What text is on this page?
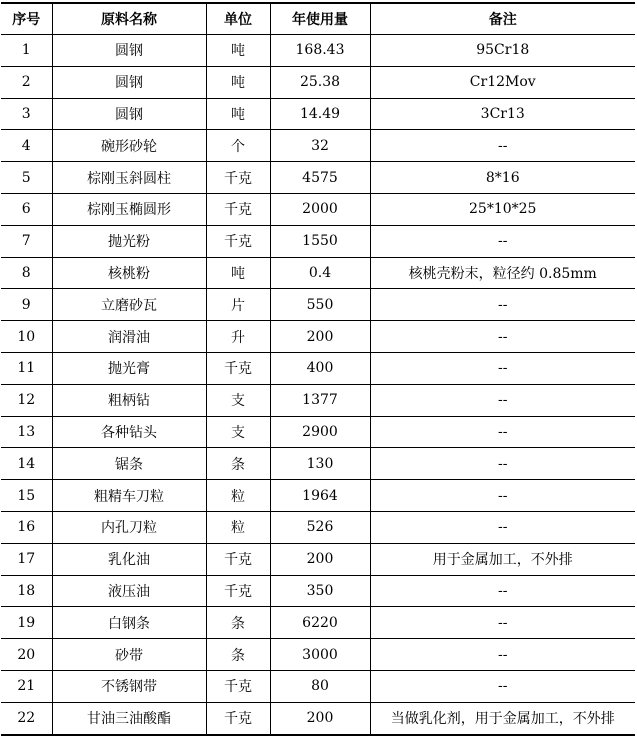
序号	原料名称	单位	年使用量	备注
1	圆钢	吨	168.43	95Cr18
2	圆钢	吨	25.38	Cr12Mov
3	圆钢	吨	14.49	3Cr13
4	碗形砂轮	个	32	--
5	棕刚玉斜圆柱	千克	4575	8*16
6	棕刚玉椭圆形	千克	2000	25*10*25
7	抛光粉	千克	1550	--
8	核桃粉	吨	0.4	核桃壳粉末，粒径约 0.85mm
9	立磨砂瓦	片	550	--
10	润滑油	升	200	--
11	抛光膏	千克	400	--
12	粗柄钻	支	1377	--
13	各种钻头	支	2900	--
14	锯条	条	130	--
15	粗精车刀粒	粒	1964	--
16	内孔刀粒	粒	526	--
17	乳化油	千克	200	用于金属加工，不外排
18	液压油	千克	350	--
19	白钢条	条	6220	--
20	砂带	条	3000	--
21	不锈钢带	千克	80	--
22	甘油三油酸酯	千克	200	当做乳化剂，用于金属加工，不外排
